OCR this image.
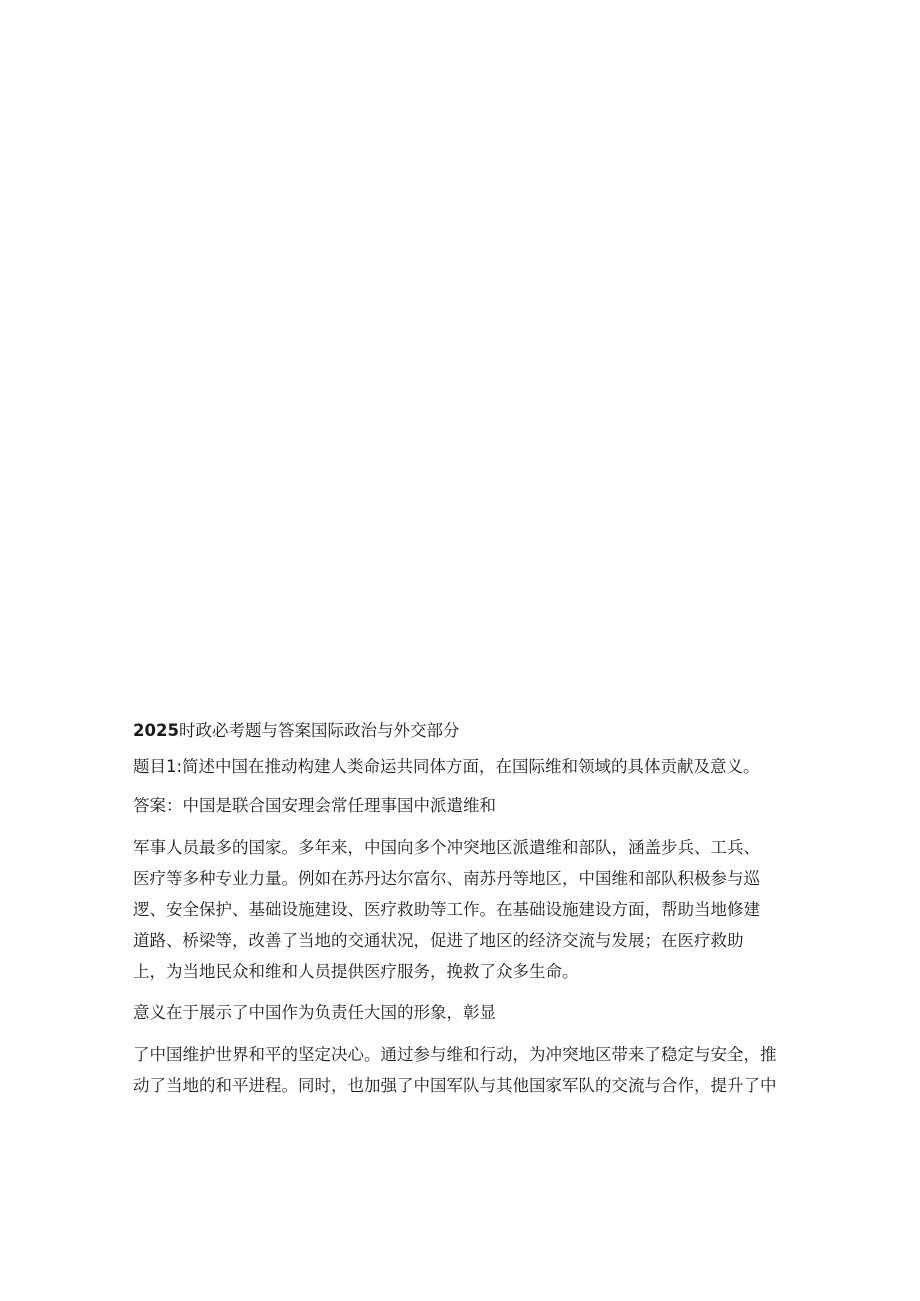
2025时政必考题与答案国际政治与外交部分
题目1:简述中国在推动构建人类命运共同体方面，在国际维和领域的具体贡献及意义。
答案：中国是联合国安理会常任理事国中派遣维和
军事人员最多的国家。多年来，中国向多个冲突地区派遣维和部队，涵盖步兵、工兵、
医疗等多种专业力量。例如在苏丹达尔富尔、南苏丹等地区，中国维和部队积极参与巡
逻、安全保护、基础设施建设、医疗救助等工作。在基础设施建设方面，帮助当地修建
道路、桥梁等，改善了当地的交通状况，促进了地区的经济交流与发展；在医疗救助
上，为当地民众和维和人员提供医疗服务，挽救了众多生命。
意义在于展示了中国作为负责任大国的形象，彰显
了中国维护世界和平的坚定决心。通过参与维和行动，为冲突地区带来了稳定与安全，推
动了当地的和平进程。同时，也加强了中国军队与其他国家军队的交流与合作，提升了中
